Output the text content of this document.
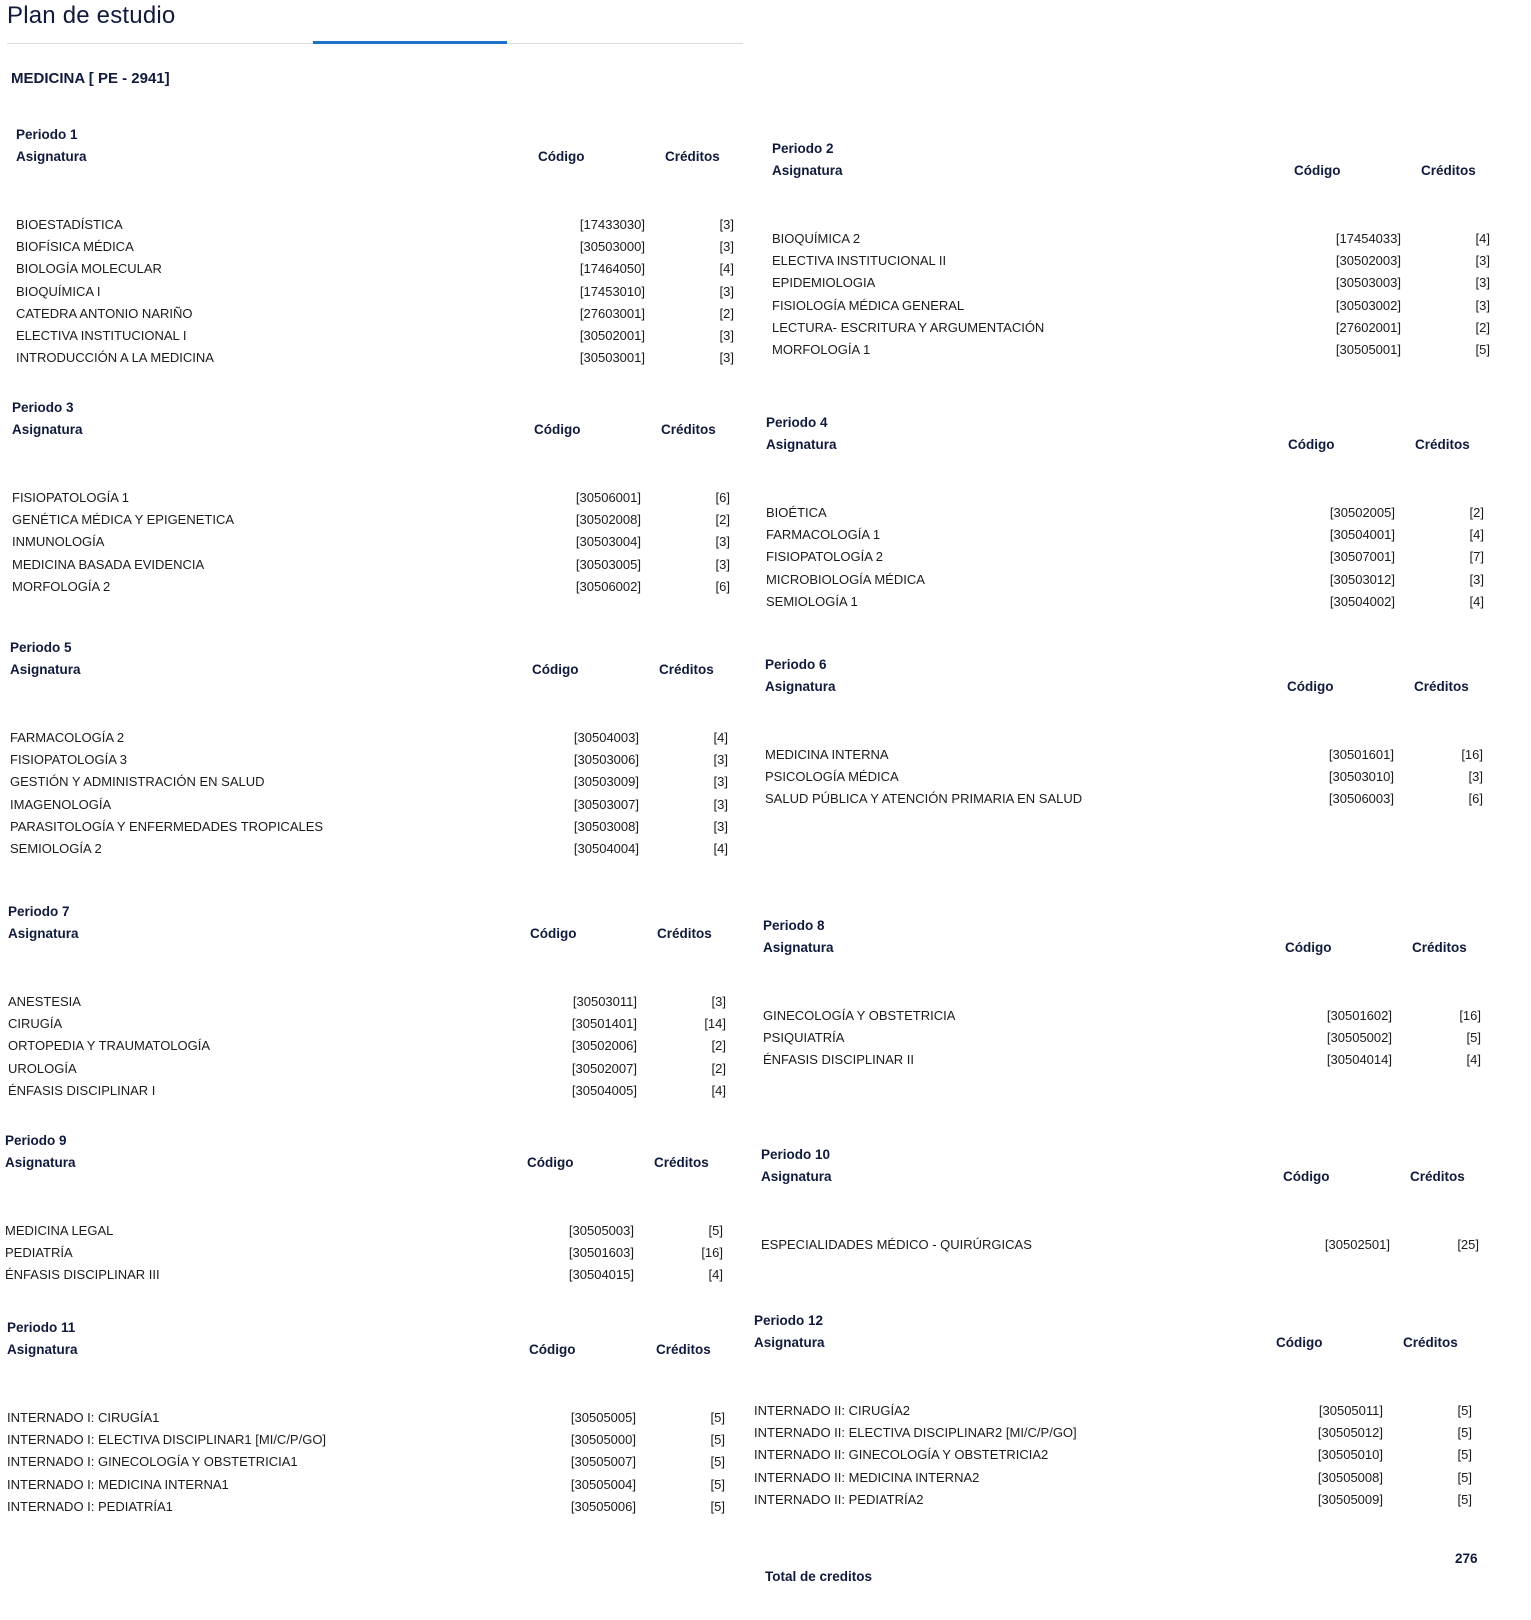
Plan de estudio
MEDICINA [ PE - 2941]
Periodo 1
Asignatura	Código	Créditos
BIOESTADÍSTICA	[17433030]	[3]
BIOFÍSICA MÉDICA	[30503000]	[3]
BIOLOGÍA MOLECULAR	[17464050]	[4]
BIOQUÍMICA I	[17453010]	[3]
CATEDRA ANTONIO NARIÑO	[27603001]	[2]
ELECTIVA INSTITUCIONAL I	[30502001]	[3]
INTRODUCCIÓN A LA MEDICINA	[30503001]	[3]
Periodo 2
Asignatura	Código	Créditos
BIOQUÍMICA 2	[17454033]	[4]
ELECTIVA INSTITUCIONAL II	[30502003]	[3]
EPIDEMIOLOGIA	[30503003]	[3]
FISIOLOGÍA MÉDICA GENERAL	[30503002]	[3]
LECTURA- ESCRITURA Y ARGUMENTACIÓN	[27602001]	[2]
MORFOLOGÍA 1	[30505001]	[5]
Periodo 3
Asignatura	Código	Créditos
FISIOPATOLOGÍA 1	[30506001]	[6]
GENÉTICA MÉDICA Y EPIGENETICA	[30502008]	[2]
INMUNOLOGÍA	[30503004]	[3]
MEDICINA BASADA EVIDENCIA	[30503005]	[3]
MORFOLOGÍA 2	[30506002]	[6]
Periodo 4
Asignatura	Código	Créditos
BIOÉTICA	[30502005]	[2]
FARMACOLOGÍA 1	[30504001]	[4]
FISIOPATOLOGÍA 2	[30507001]	[7]
MICROBIOLOGÍA MÉDICA	[30503012]	[3]
SEMIOLOGÍA 1	[30504002]	[4]
Periodo 5
Asignatura	Código	Créditos
FARMACOLOGÍA 2	[30504003]	[4]
FISIOPATOLOGÍA 3	[30503006]	[3]
GESTIÓN Y ADMINISTRACIÓN EN SALUD	[30503009]	[3]
IMAGENOLOGÍA	[30503007]	[3]
PARASITOLOGÍA Y ENFERMEDADES TROPICALES	[30503008]	[3]
SEMIOLOGÍA 2	[30504004]	[4]
Periodo 6
Asignatura	Código	Créditos
MEDICINA INTERNA	[30501601]	[16]
PSICOLOGÍA MÉDICA	[30503010]	[3]
SALUD PÚBLICA Y ATENCIÓN PRIMARIA EN SALUD	[30506003]	[6]
Periodo 7
Asignatura	Código	Créditos
ANESTESIA	[30503011]	[3]
CIRUGÍA	[30501401]	[14]
ORTOPEDIA Y TRAUMATOLOGÍA	[30502006]	[2]
UROLOGÍA	[30502007]	[2]
ÉNFASIS DISCIPLINAR I	[30504005]	[4]
Periodo 8
Asignatura	Código	Créditos
GINECOLOGÍA Y OBSTETRICIA	[30501602]	[16]
PSIQUIATRÍA	[30505002]	[5]
ÉNFASIS DISCIPLINAR II	[30504014]	[4]
Periodo 9
Asignatura	Código	Créditos
MEDICINA LEGAL	[30505003]	[5]
PEDIATRÍA	[30501603]	[16]
ÉNFASIS DISCIPLINAR III	[30504015]	[4]
Periodo 10
Asignatura	Código	Créditos
ESPECIALIDADES MÉDICO - QUIRÚRGICAS	[30502501]	[25]
Periodo 11
Asignatura	Código	Créditos
INTERNADO I: CIRUGÍA1	[30505005]	[5]
INTERNADO I: ELECTIVA DISCIPLINAR1 [MI/C/P/GO]	[30505000]	[5]
INTERNADO I: GINECOLOGÍA Y OBSTETRICIA1	[30505007]	[5]
INTERNADO I: MEDICINA INTERNA1	[30505004]	[5]
INTERNADO I: PEDIATRÍA1	[30505006]	[5]
Periodo 12
Asignatura	Código	Créditos
INTERNADO II: CIRUGÍA2	[30505011]	[5]
INTERNADO II: ELECTIVA DISCIPLINAR2 [MI/C/P/GO]	[30505012]	[5]
INTERNADO II: GINECOLOGÍA Y OBSTETRICIA2	[30505010]	[5]
INTERNADO II: MEDICINA INTERNA2	[30505008]	[5]
INTERNADO II: PEDIATRÍA2	[30505009]	[5]
276
Total de creditos
